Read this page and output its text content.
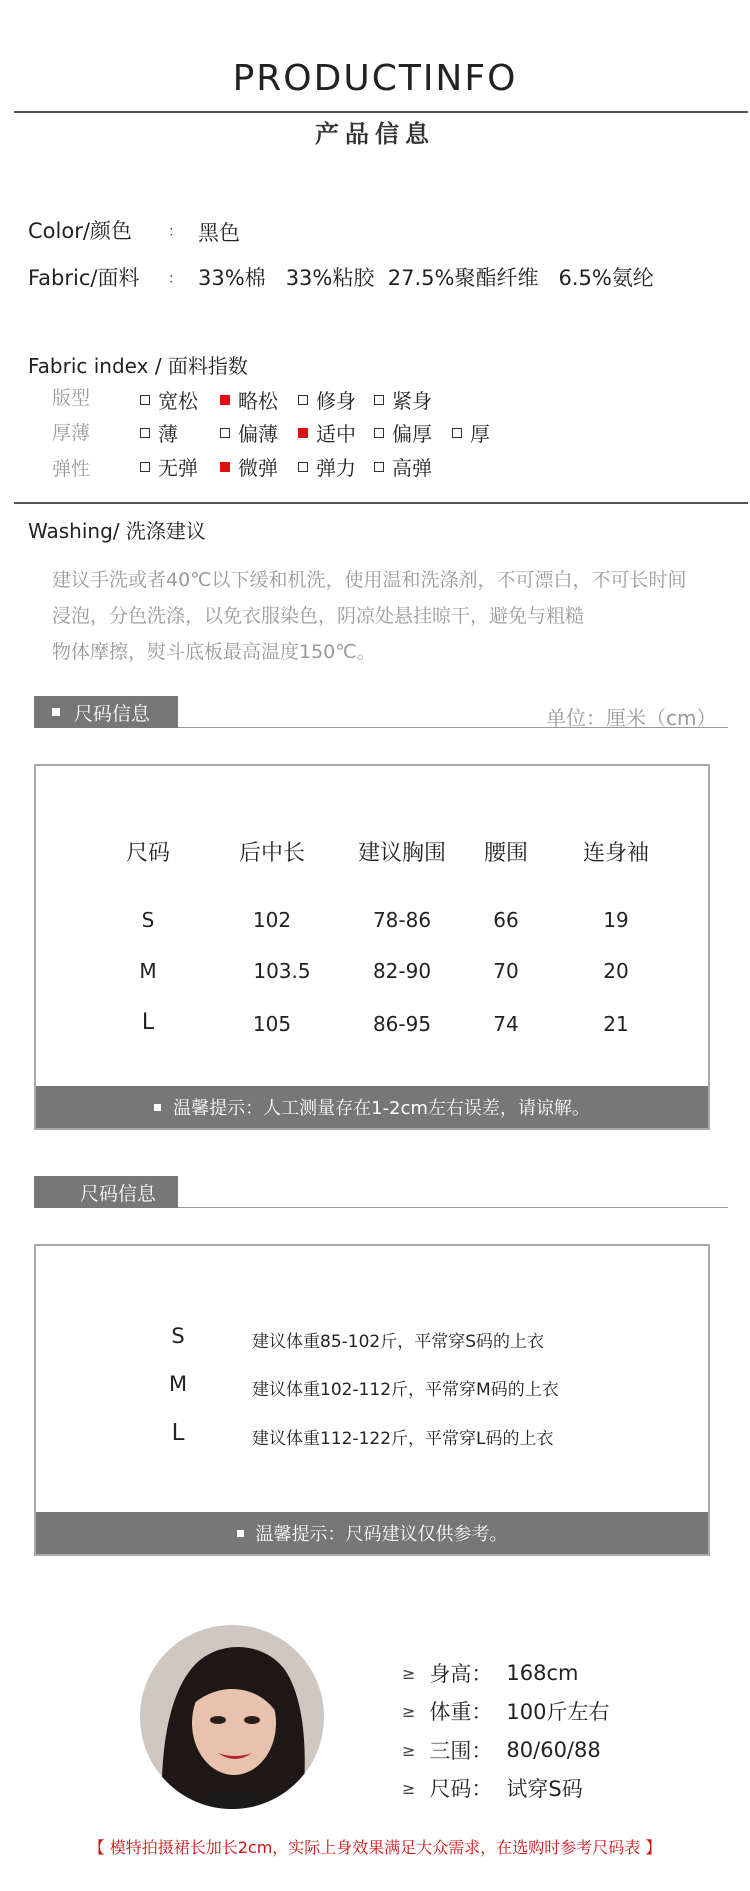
PRODUCTINFO
产品信息
Color/颜色	： 黑色
Fabric/面料 ： 33%棉   33%粘胶  27.5%聚酯纤维   6.5%氨纶
Fabric index / 面料指数
版型	宽松 略松 修身 紧身
厚薄	薄	偏薄 适中 偏厚 厚
弹性	无弹 微弹 弹力 高弹
Washing/ 洗涤建议
建议手洗或者40℃以下缓和机洗，使用温和洗涤剂，不可漂白，不可长时间
浸泡，分色洗涤，以免衣服染色，阴凉处悬挂晾干，避免与粗糙
物体摩擦，熨斗底板最高温度150℃。
尺码信息	单位：厘米（cm）
尺码	后中长	建议胸围	腰围	连身袖
S	102	78-86	66	19
M	103.5	82-90	70	20
L	105	86-95	74	21
温馨提示：人工测量存在1-2cm左右误差，请谅解。
尺码信息
S	建议体重85-102斤，平常穿S码的上衣
M	建议体重102-112斤，平常穿M码的上衣
L	建议体重112-122斤，平常穿L码的上衣
温馨提示：尺码建议仅供参考。
≥ 身高： 168cm
≥ 体重： 100斤左右
≥ 三围： 80/60/88
≥ 尺码： 试穿S码
【 模特拍摄裙长加长2cm，实际上身效果满足大众需求，在选购时参考尺码表 】
